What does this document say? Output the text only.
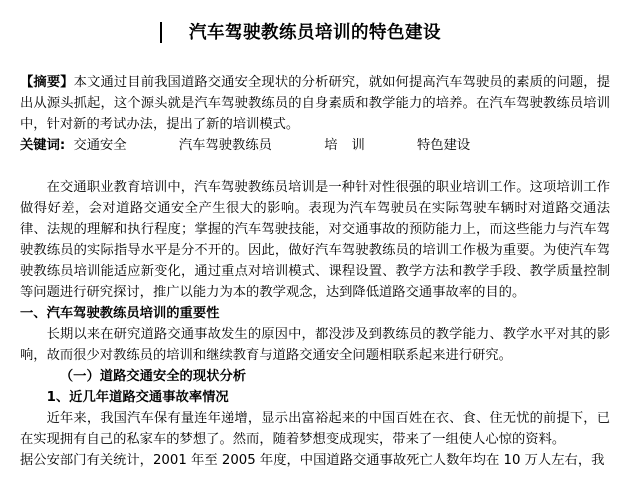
汽车驾驶教练员培训的特色建设
【摘要】本文通过目前我国道路交通安全现状的分析研究，就如何提高汽车驾驶员的素质的问题，提出从源头抓起，这个源头就是汽车驾驶教练员的自身素质和教学能力的培养。在汽车驾驶教练员培训中，针对新的考试办法，提出了新的培训模式。
关键词: 交通安全	汽车驾驶教练员	培训	特色建设
在交通职业教育培训中，汽车驾驶教练员培训是一种针对性很强的职业培训工作。这项培训工作做得好差，会对道路交通安全产生很大的影响。表现为汽车驾驶员在实际驾驶车辆时对道路交通法律、法规的理解和执行程度；掌握的汽车驾驶技能，对交通事故的预防能力上，而这些能力与汽车驾驶教练员的实际指导水平是分不开的。因此，做好汽车驾驶教练员的培训工作极为重要。为使汽车驾驶教练员培训能适应新变化，通过重点对培训模式、课程设置、教学方法和教学手段、教学质量控制等问题进行研究探讨，推广以能力为本的教学观念，达到降低道路交通事故率的目的。
一、汽车驾驶教练员培训的重要性
长期以来在研究道路交通事故发生的原因中，都没涉及到教练员的教学能力、教学水平对其的影响，故而很少对教练员的培训和继续教育与道路交通安全问题相联系起来进行研究。
（一）道路交通安全的现状分析
1、近几年道路交通事故率情况
近年来，我国汽车保有量连年递增，显示出富裕起来的中国百姓在衣、食、住无忧的前提下，已在实现拥有自己的私家车的梦想了。然而，随着梦想变成现实，带来了一组使人心惊的资料。
据公安部门有关统计，2001 年至 2005 年度，中国道路交通事故死亡人数年均在 10 万人左右，我
